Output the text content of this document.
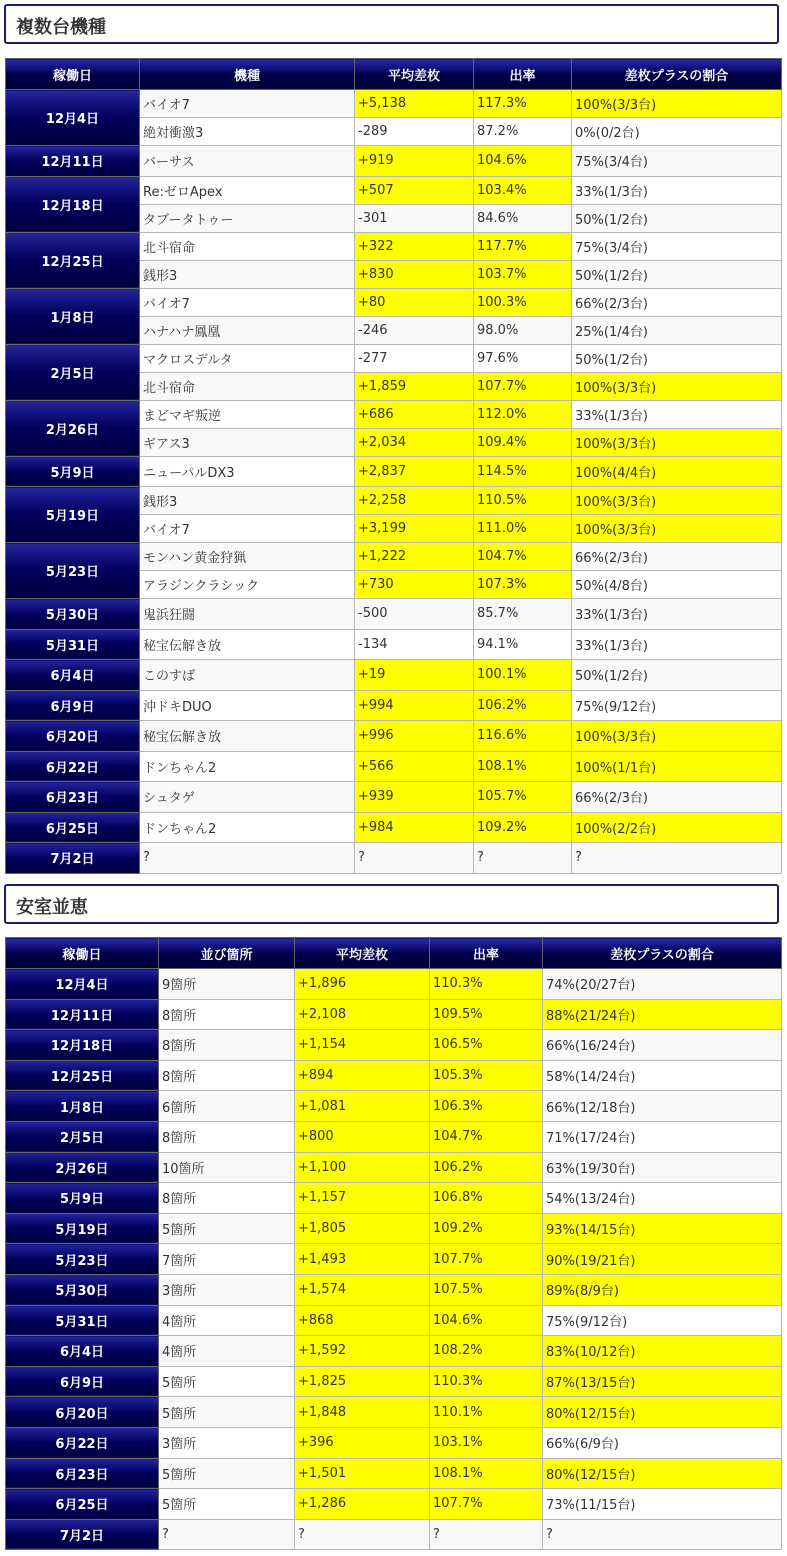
複数台機種
稼働日	機種	平均差枚	出率	差枚プラスの割合
12月4日	バイオ7	+5,138	117.3%	100%(3/3台)
	絶対衝激3	-289	87.2%	0%(0/2台)
12月11日	バーサス	+919	104.6%	75%(3/4台)
12月18日	Re:ゼロApex	+507	103.4%	33%(1/3台)
	タブータトゥー	-301	84.6%	50%(1/2台)
12月25日	北斗宿命	+322	117.7%	75%(3/4台)
	銭形3	+830	103.7%	50%(1/2台)
1月8日	バイオ7	+80	100.3%	66%(2/3台)
	ハナハナ鳳凰	-246	98.0%	25%(1/4台)
2月5日	マクロスデルタ	-277	97.6%	50%(1/2台)
	北斗宿命	+1,859	107.7%	100%(3/3台)
2月26日	まどマギ叛逆	+686	112.0%	33%(1/3台)
	ギアス3	+2,034	109.4%	100%(3/3台)
5月9日	ニューパルDX3	+2,837	114.5%	100%(4/4台)
5月19日	銭形3	+2,258	110.5%	100%(3/3台)
	バイオ7	+3,199	111.0%	100%(3/3台)
5月23日	モンハン黄金狩猟	+1,222	104.7%	66%(2/3台)
	アラジンクラシック	+730	107.3%	50%(4/8台)
5月30日	鬼浜狂闘	-500	85.7%	33%(1/3台)
5月31日	秘宝伝解き放	-134	94.1%	33%(1/3台)
6月4日	このすば	+19	100.1%	50%(1/2台)
6月9日	沖ドキDUO	+994	106.2%	75%(9/12台)
6月20日	秘宝伝解き放	+996	116.6%	100%(3/3台)
6月22日	ドンちゃん2	+566	108.1%	100%(1/1台)
6月23日	シュタゲ	+939	105.7%	66%(2/3台)
6月25日	ドンちゃん2	+984	109.2%	100%(2/2台)
7月2日	?	?	?	?
安室並恵
稼働日	並び箇所	平均差枚	出率	差枚プラスの割合
12月4日	9箇所	+1,896	110.3%	74%(20/27台)
12月11日	8箇所	+2,108	109.5%	88%(21/24台)
12月18日	8箇所	+1,154	106.5%	66%(16/24台)
12月25日	8箇所	+894	105.3%	58%(14/24台)
1月8日	6箇所	+1,081	106.3%	66%(12/18台)
2月5日	8箇所	+800	104.7%	71%(17/24台)
2月26日	10箇所	+1,100	106.2%	63%(19/30台)
5月9日	8箇所	+1,157	106.8%	54%(13/24台)
5月19日	5箇所	+1,805	109.2%	93%(14/15台)
5月23日	7箇所	+1,493	107.7%	90%(19/21台)
5月30日	3箇所	+1,574	107.5%	89%(8/9台)
5月31日	4箇所	+868	104.6%	75%(9/12台)
6月4日	4箇所	+1,592	108.2%	83%(10/12台)
6月9日	5箇所	+1,825	110.3%	87%(13/15台)
6月20日	5箇所	+1,848	110.1%	80%(12/15台)
6月22日	3箇所	+396	103.1%	66%(6/9台)
6月23日	5箇所	+1,501	108.1%	80%(12/15台)
6月25日	5箇所	+1,286	107.7%	73%(11/15台)
7月2日	?	?	?	?
